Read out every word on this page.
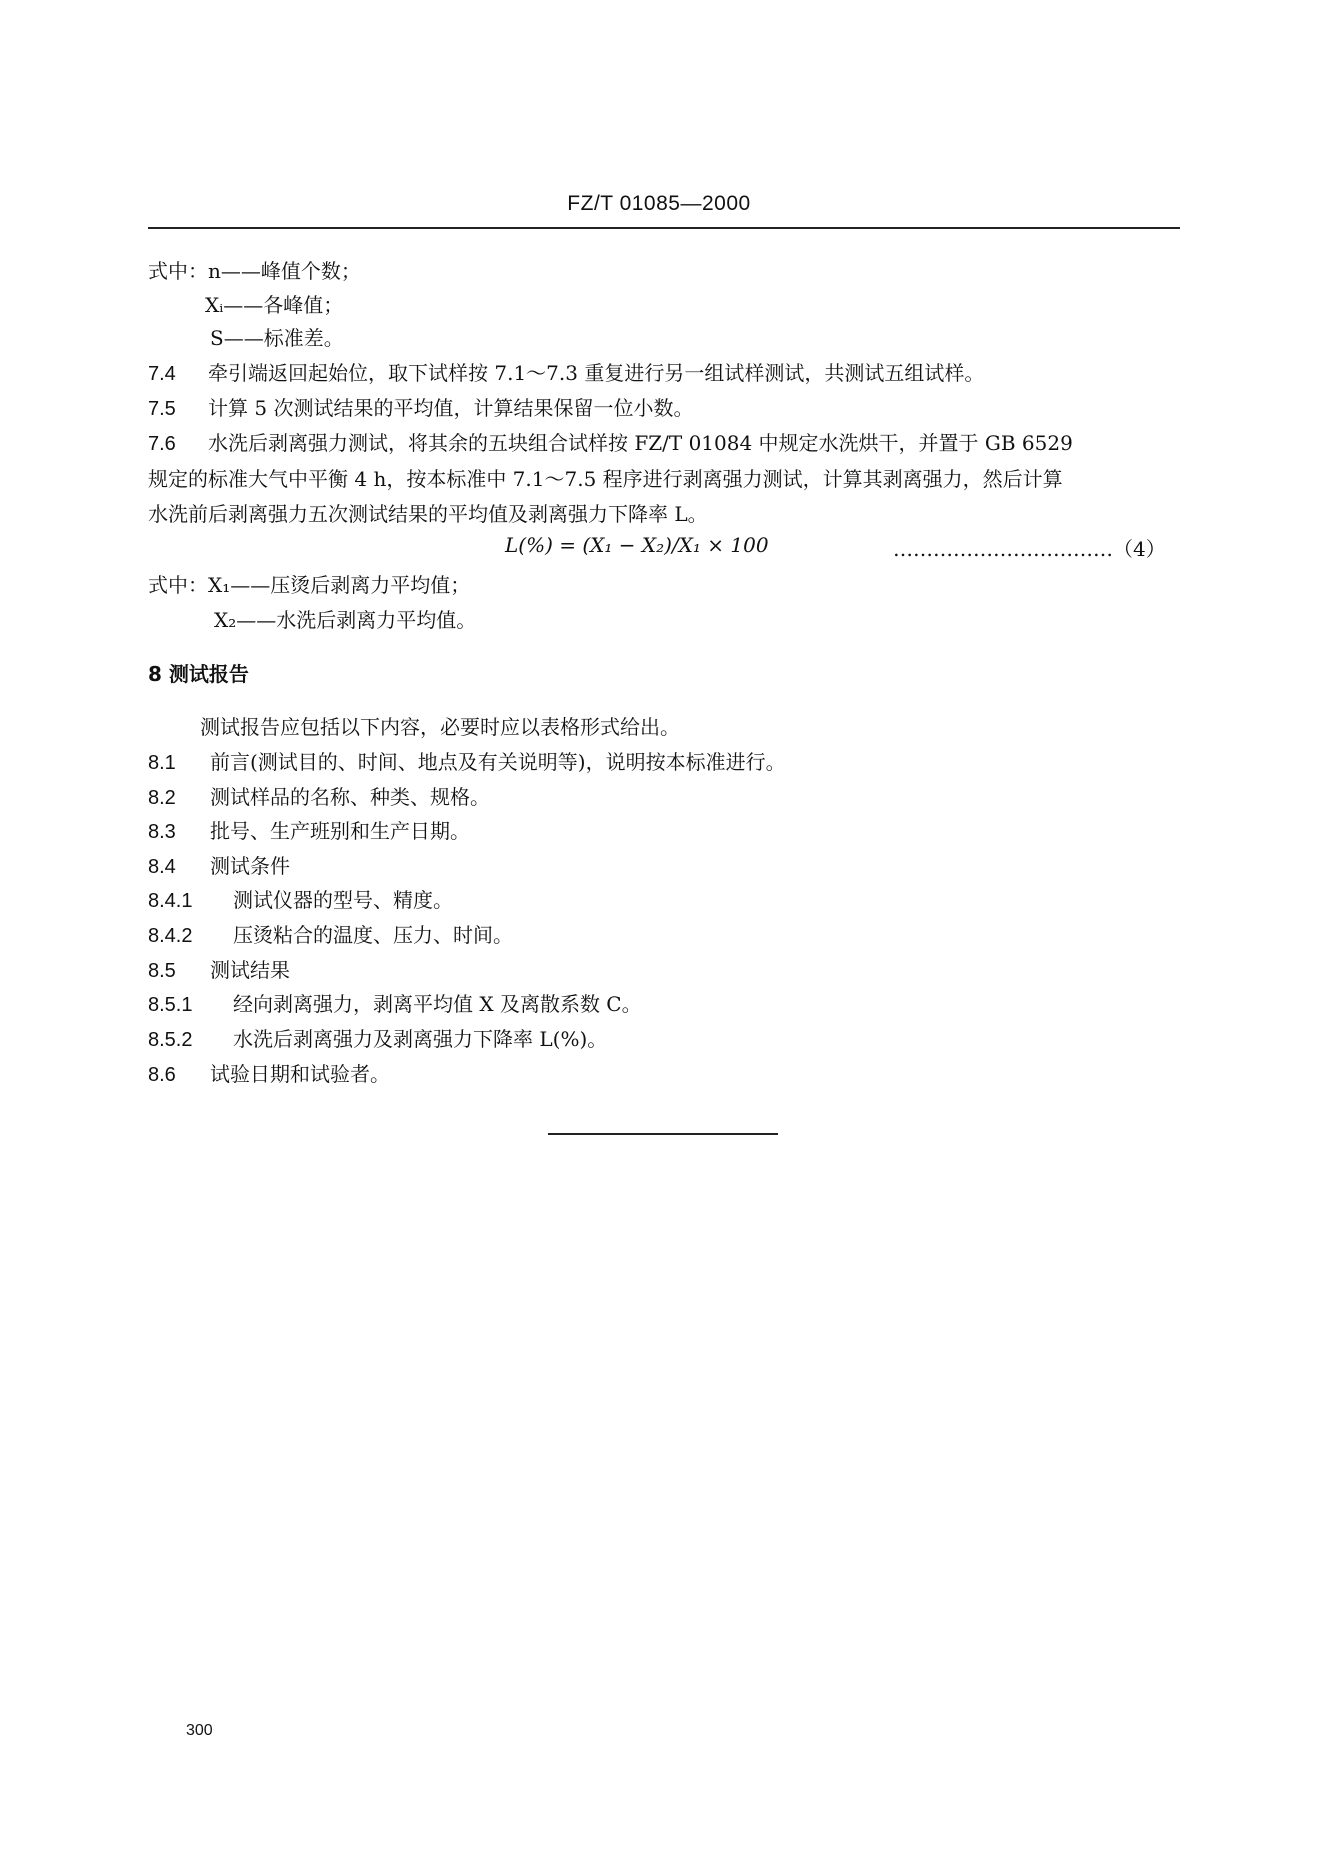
FZ/T 01085—2000
式中：n——峰值个数；
Xᵢ——各峰值；
S——标准差。
7.4 牵引端返回起始位，取下试样按 7.1～7.3 重复进行另一组试样测试，共测试五组试样。
7.5 计算 5 次测试结果的平均值，计算结果保留一位小数。
7.6 水洗后剥离强力测试，将其余的五块组合试样按 FZ/T 01084 中规定水洗烘干，并置于 GB 6529
规定的标准大气中平衡 4 h，按本标准中 7.1～7.5 程序进行剥离强力测试，计算其剥离强力，然后计算
水洗前后剥离强力五次测试结果的平均值及剥离强力下降率 L。
L(%) = (X₁ − X₂)/X₁ × 100	……………………………（4）
式中：X₁——压烫后剥离力平均值；
X₂——水洗后剥离力平均值。
8 测试报告
测试报告应包括以下内容，必要时应以表格形式给出。
8.1 前言(测试目的、时间、地点及有关说明等)，说明按本标准进行。
8.2 测试样品的名称、种类、规格。
8.3 批号、生产班别和生产日期。
8.4 测试条件
8.4.1 测试仪器的型号、精度。
8.4.2 压烫粘合的温度、压力、时间。
8.5 测试结果
8.5.1 经向剥离强力，剥离平均值 X 及离散系数 C。
8.5.2 水洗后剥离强力及剥离强力下降率 L(%)。
8.6 试验日期和试验者。
300
